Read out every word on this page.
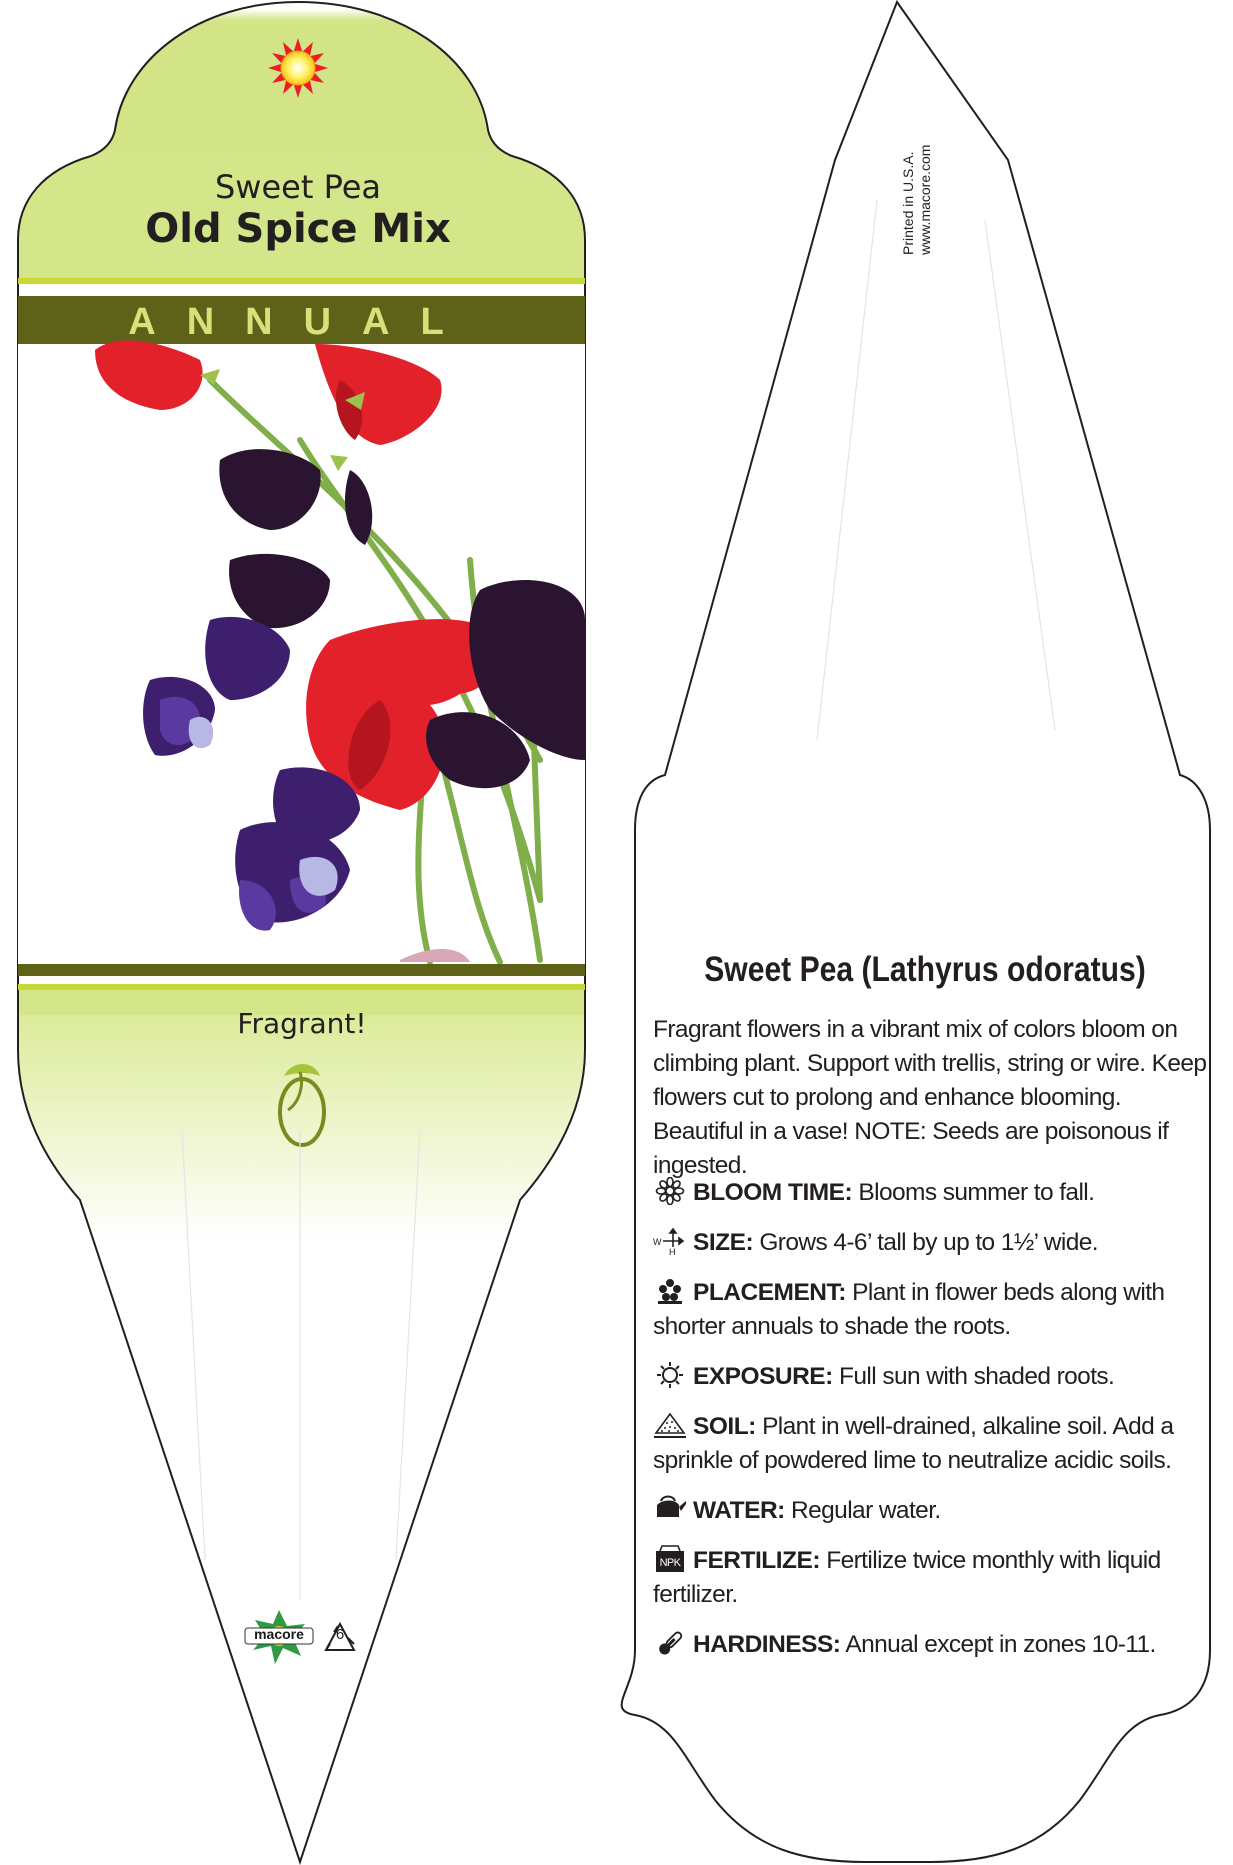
Sweet Pea
Old Spice Mix
ANNUAL
Fragrant!
macore	6
Printed in U.S.A. www.macore.com
Sweet Pea (Lathyrus odoratus)
Fragrant flowers in a vibrant mix of colors bloom on climbing plant. Support with trellis, string or wire. Keep flowers cut to prolong and enhance blooming. Beautiful in a vase! NOTE: Seeds are poisonous if ingested.
BLOOM TIME: Blooms summer to fall.
W
H SIZE: Grows 4-6’ tall by up to 1½’ wide.
PLACEMENT: Plant in flower beds along with shorter annuals to shade the roots.
EXPOSURE: Full sun with shaded roots.
SOIL: Plant in well-drained, alkaline soil. Add a sprinkle of powdered lime to neutralize acidic soils.
WATER: Regular water.
NPK FERTILIZE: Fertilize twice monthly with liquid fertilizer.
HARDINESS: Annual except in zones 10-11.
